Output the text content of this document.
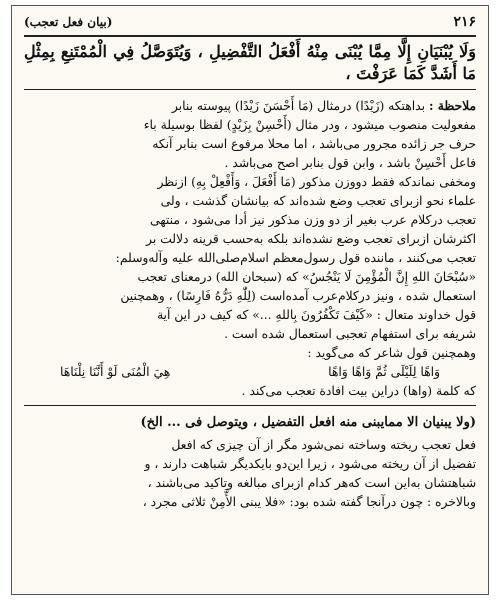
۲۱۶
(بیان فعل تعجب)

وَلَا يُبْنَيَانِ إِلَّا مِمَّا يُبْنَى مِنْهُ أَفْعَلُ التَّفْضِيلِ ، وَيُتَوَصَّلُ فِي الْمُمْتَنِعِ بِمِثْلِ مَا أَشَدَّ كَمَا عَرَفْتَ ،

ملاحظة : بداهتكه (زَيْدًا) درمثال (مَا أَحْسَنَ زَيْدًا) پيوسته بنابر

مفعوليت منصوب ميشود ، ودر مثال (أَحْسِنْ بِزَيْدٍ) لفظا بوسيلة باء

حرف جر زائده مجرور مى‌باشد ، اما محلا مرفوع است بنابر آنكه

فاعل أَحْسِنْ باشد ، وابن قول بنابر اصح مى‌باشد .

ومخفى نماندكه فقط دووزن مذكور (مَا أَفْعَلَ ، وَأَفْعِلْ بِهِ) ازنظر

علماء نحو ازبراى تعجب وضع شده‌اند كه بيانشان گذشت ، ولى

تعجب دركلام عرب بغير از دو وزن مذكور نيز أدا مى‌شود ، منتهى

اكثرشان ازبراى تعجب وضع نشده‌اند بلكه به‌حسب قرينه دلالت بر

تعجب مى‌كنند ، ماننده قول رسول‌معظم اسلام‌صلى‌الله عليه وآله‌وسلم:

«سُبْحَانَ اللهِ إِنَّ الْمُؤْمِنَ لَا يَنْجُسُ» كه (سبحان الله) درمعناى تعجب

استعمال شده ، ونيز دركلام‌عرب آمده‌است (لِلّٰهِ دَرُّهُ فَارِسًا) ، وهمچنين

قول خداوند متعال : «كَيْفَ تَكْفُرُونَ بِاللهِ ...» كه كيف در اين آية

شريفه براى استفهام تعجبى استعمال شده است .

وهمچنين قول شاعر كه مى‌گويد :

وَاهًا لِلَيْلَى ثُمَّ وَاهًا وَاهًا
هِيَ الْمُنَى لَوْ أَنَّنَا نِلْنَاهَا

كه كلمة (واها) دراين بيت افادة تعجب مى‌كند .

(ولا يبنيان الا ممايبنى منه افعل التفضيل ، ويتوصل فى ... الخ)

فعل تعجب ريخته وساخته نمى‌شود مگر از آن چيزى كه افعل

تفضيل از آن ريخته مى‌شود ، زيرا اين‌دو بايكديگر شباهت دارند ، و

شباهتشان به‌اين است كه‌هر كدام ازبراى مبالغه وتاكيد مى‌باشند ،

وبالاخره : چون درآنجا گفته شده بود: «فلا يبنى الأَّمِنْ ثلاثى مجرد ،
